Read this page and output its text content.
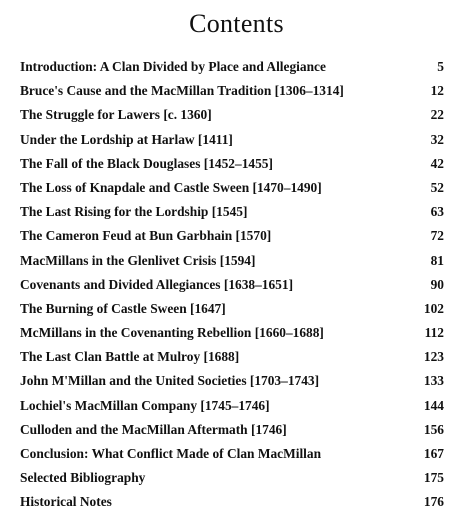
Contents
Introduction: A Clan Divided by Place and Allegiance	5
Bruce's Cause and the MacMillan Tradition [1306–1314]	12
The Struggle for Lawers [c. 1360]	22
Under the Lordship at Harlaw [1411]	32
The Fall of the Black Douglases [1452–1455]	42
The Loss of Knapdale and Castle Sween [1470–1490]	52
The Last Rising for the Lordship [1545]	63
The Cameron Feud at Bun Garbhain [1570]	72
MacMillans in the Glenlivet Crisis [1594]	81
Covenants and Divided Allegiances [1638–1651]	90
The Burning of Castle Sween [1647]	102
McMillans in the Covenanting Rebellion [1660–1688]	112
The Last Clan Battle at Mulroy [1688]	123
John M'Millan and the United Societies [1703–1743]	133
Lochiel's MacMillan Company [1745–1746]	144
Culloden and the MacMillan Aftermath [1746]	156
Conclusion: What Conflict Made of Clan MacMillan	167
Selected Bibliography	175
Historical Notes	176
